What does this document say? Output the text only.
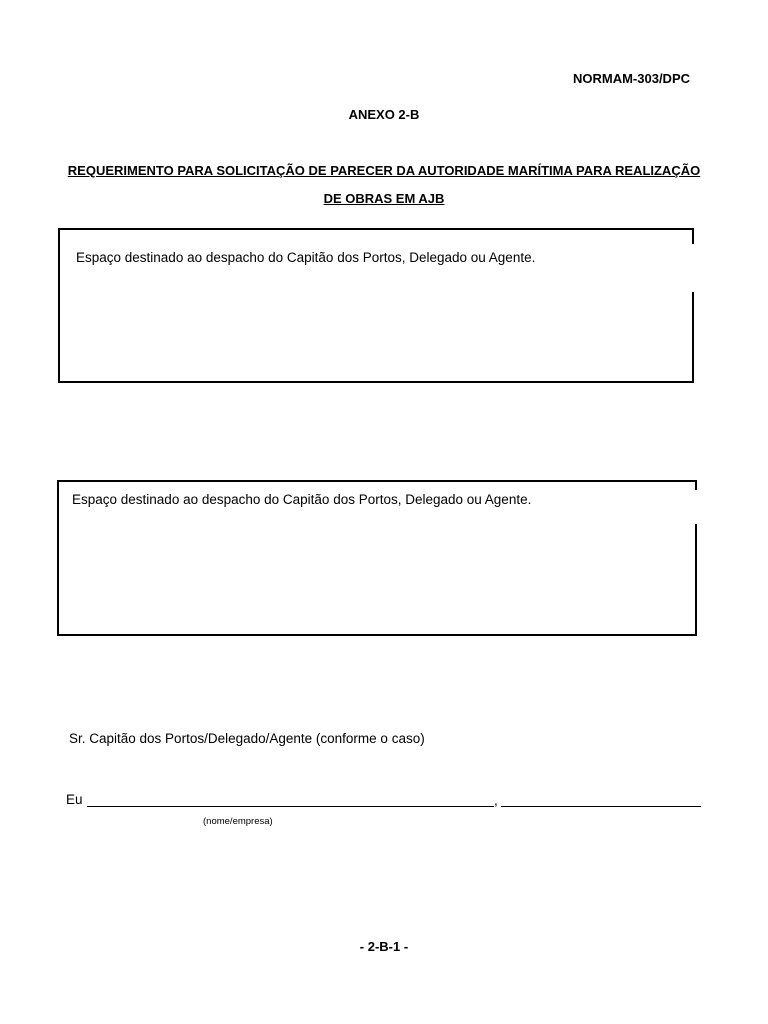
NORMAM-303/DPC
ANEXO 2-B
REQUERIMENTO PARA SOLICITAÇÃO DE PARECER DA AUTORIDADE MARÍTIMA PARA REALIZAÇÃO
DE OBRAS EM AJB
Espaço destinado ao despacho do Capitão dos Portos, Delegado ou Agente.
Espaço destinado ao despacho do Capitão dos Portos, Delegado ou Agente.
Sr. Capitão dos Portos/Delegado/Agente (conforme o caso)
Eu	,
(nome/empresa)
- 2-B-1 -
